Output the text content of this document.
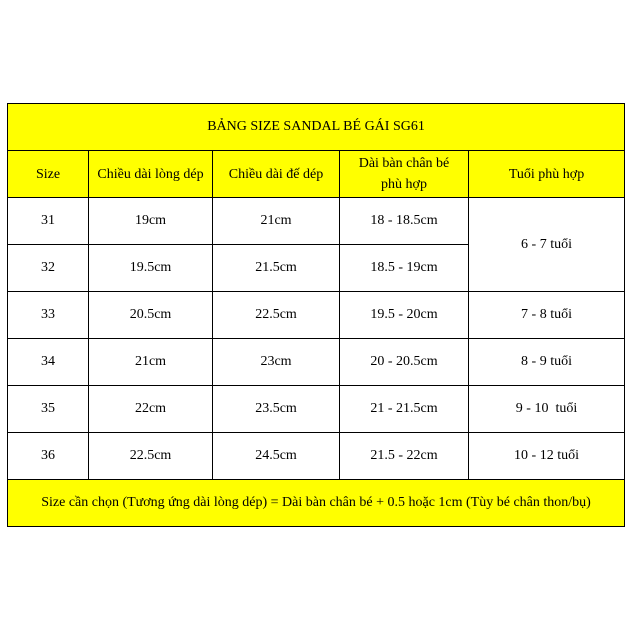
BẢNG SIZE SANDAL BÉ GÁI SG61				
Size	Chiều dài lòng dép	Chiều dài đế dép	Dài bàn chân bé
phù hợp	Tuổi phù hợp
31	19cm	21cm	18 - 18.5cm	6 - 7 tuổi
32	19.5cm	21.5cm	18.5 - 19cm	
33	20.5cm	22.5cm	19.5 - 20cm	7 - 8 tuổi
34	21cm	23cm	20 - 20.5cm	8 - 9 tuổi
35	22cm	23.5cm	21 - 21.5cm	9 - 10  tuổi
36	22.5cm	24.5cm	21.5 - 22cm	10 - 12 tuổi
Size cần chọn (Tương ứng dài lòng dép) = Dài bàn chân bé + 0.5 hoặc 1cm (Tùy bé chân thon/bụ)				
